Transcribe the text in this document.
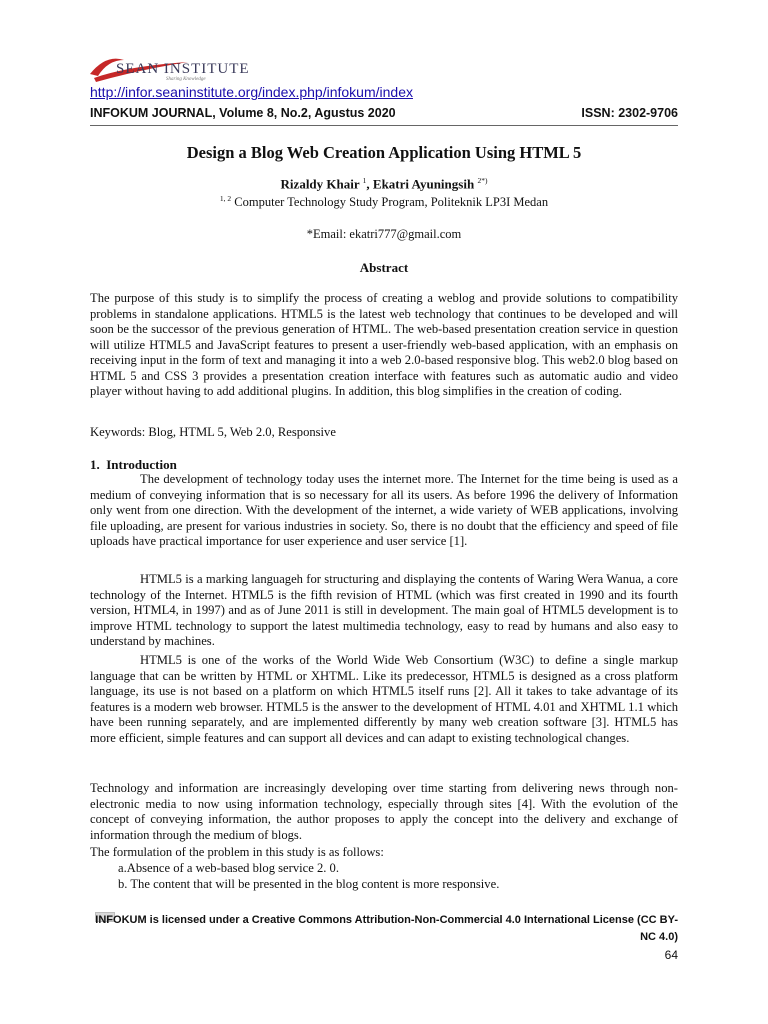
SEAN INSTITUTE
Sharing Knowledge
http://infor.seaninstitute.org/index.php/infokum/index
INFOKUM JOURNAL, Volume 8, No.2, Agustus 2020	ISSN: 2302-9706
Design a Blog Web Creation Application Using HTML 5
Rizaldy Khair $^1$, Ekatri Ayuningsih $^{2*)}$
$^{1, 2}$ Computer Technology Study Program, Politeknik LP3I Medan
*Email: ekatri777@gmail.com
Abstract

The purpose of this study is to simplify the process of creating a weblog and provide solutions to compatibility problems in standalone applications. HTML5 is the latest web technology that continues to be developed and will soon be the successor of the previous generation of HTML. The web-based presentation creation service in question will utilize HTML5 and JavaScript features to present a user-friendly web-based application, with an emphasis on receiving input in the form of text and managing it into a web 2.0-based responsive blog. This web2.0 blog based on HTML 5 and CSS 3 provides a presentation creation interface with features such as automatic audio and video player without having to add additional plugins. In addition, this blog simplifies in the creation of coding.

Keywords: Blog, HTML 5, Web 2.0, Responsive
1.  Introduction

The development of technology today uses the internet more. The Internet for the time being is used as a medium of conveying information that is so necessary for all its users. As before 1996 the delivery of Information only went from one direction. With the development of the internet, a wide variety of WEB applications, involving file uploading, are present for various industries in society. So, there is no doubt that the efficiency and speed of file uploads have practical importance for user experience and user service [1].

HTML5 is a marking languageh for structuring and displaying the contents of Waring Wera Wanua, a core technology of the Internet. HTML5 is the fifth revision of HTML (which was first created in 1990 and its fourth version, HTML4, in 1997) and as of June 2011 is still in development. The main goal of HTML5 development is to improve HTML technology to support the latest multimedia technology, easy to read by humans and also easy to understand by machines.

HTML5 is one of the works of the World Wide Web Consortium (W3C) to define a single markup language that can be written by HTML or XHTML. Like its predecessor, HTML5 is designed as a cross platform language, its use is not based on a platform on which HTML5 itself runs [2]. All it takes to take advantage of its features is a modern web browser. HTML5 is the answer to the development of HTML 4.01 and XHTML 1.1 which have been running separately, and are implemented differently by many web creation software [3]. HTML5 has more efficient, simple features and can support all devices and can adapt to existing technological changes.

Technology and information are increasingly developing over time starting from delivering news through non-electronic media to now using information technology, especially through sites [4]. With the evolution of the concept of conveying information, the author proposes to apply the concept into the delivery and exchange of information through the medium of blogs.

The formulation of the problem in this study is as follows:
a.Absence of a web-based blog service 2. 0.
b. The content that will be presented in the blog content is more responsive.
INFOKUM is licensed under a Creative Commons Attribution-Non-Commercial 4.0 International License (CC BY-NC 4.0)
64
